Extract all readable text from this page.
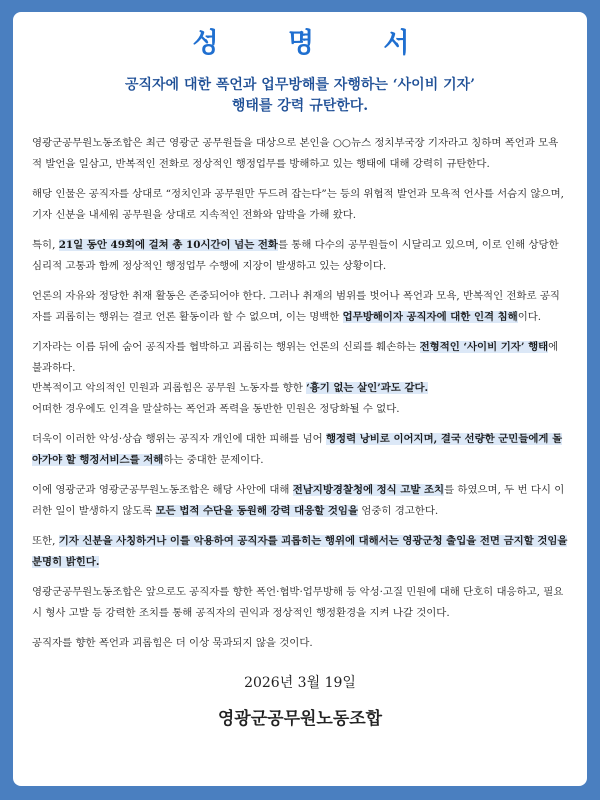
성 명 서
공직자에 대한 폭언과 업무방해를 자행하는 ‘사이비 기자’
행태를 강력 규탄한다.

영광군공무원노동조합은 최근 영광군 공무원들을 대상으로 본인을 ○○뉴스 정치부국장 기자라고 칭하며 폭언과 모욕적 발언을 일삼고, 반복적인 전화로 정상적인 행정업무를 방해하고 있는 행태에 대해 강력히 규탄한다.

해당 인물은 공직자를 상대로 “정치인과 공무원만 두드려 잡는다”는 등의 위협적 발언과 모욕적 언사를 서슴지 않으며, 기자 신분을 내세워 공무원을 상대로 지속적인 전화와 압박을 가해 왔다.

특히, 21일 동안 49회에 걸쳐 총 10시간이 넘는 전화를 통해 다수의 공무원들이 시달리고 있으며, 이로 인해 상당한 심리적 고통과 함께 정상적인 행정업무 수행에 지장이 발생하고 있는 상황이다.

언론의 자유와 정당한 취재 활동은 존중되어야 한다. 그러나 취재의 범위를 벗어나 폭언과 모욕, 반복적인 전화로 공직자를 괴롭히는 행위는 결코 언론 활동이라 할 수 없으며, 이는 명백한 업무방해이자 공직자에 대한 인격 침해이다.

기자라는 이름 뒤에 숨어 공직자를 협박하고 괴롭히는 행위는 언론의 신뢰를 훼손하는 전형적인 ‘사이비 기자’ 행태에 불과하다.
반복적이고 악의적인 민원과 괴롭힘은 공무원 노동자를 향한 ‘흉기 없는 살인’과도 같다.
어떠한 경우에도 인격을 말살하는 폭언과 폭력을 동반한 민원은 정당화될 수 없다.

더욱이 이러한 악성·상습 행위는 공직자 개인에 대한 피해를 넘어 행정력 낭비로 이어지며, 결국 선량한 군민들에게 돌아가야 할 행정서비스를 저해하는 중대한 문제이다.

이에 영광군과 영광군공무원노동조합은 해당 사안에 대해 전남지방경찰청에 정식 고발 조치를 하였으며, 두 번 다시 이러한 일이 발생하지 않도록 모든 법적 수단을 동원해 강력 대응할 것임을 엄중히 경고한다.

또한, 기자 신분을 사칭하거나 이를 악용하여 공직자를 괴롭히는 행위에 대해서는 영광군청 출입을 전면 금지할 것임을 분명히 밝힌다.

영광군공무원노동조합은 앞으로도 공직자를 향한 폭언·협박·업무방해 등 악성·고질 민원에 대해 단호히 대응하고, 필요 시 형사 고발 등 강력한 조치를 통해 공직자의 권익과 정상적인 행정환경을 지켜 나갈 것이다.

공직자를 향한 폭언과 괴롭힘은 더 이상 묵과되지 않을 것이다.

2026년 3월 19일
영광군공무원노동조합
